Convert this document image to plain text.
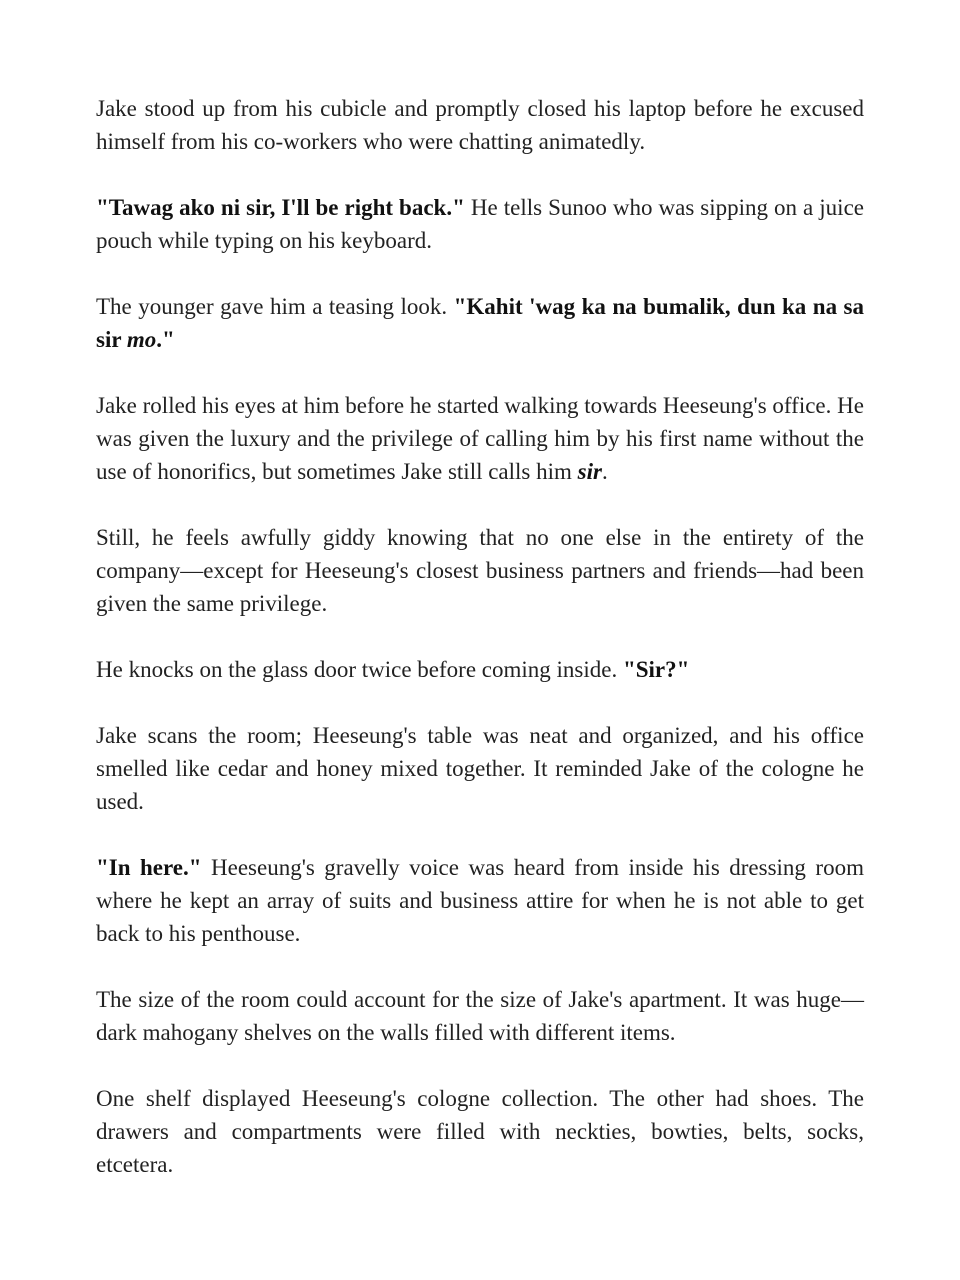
Jake stood up from his cubicle and promptly closed his laptop before he excused himself from his co-workers who were chatting animatedly.

"Tawag ako ni sir, I'll be right back." He tells Sunoo who was sipping on a juice pouch while typing on his keyboard.

The younger gave him a teasing look. "Kahit 'wag ka na bumalik, dun ka na sa sir mo."

Jake rolled his eyes at him before he started walking towards Heeseung's office. He was given the luxury and the privilege of calling him by his first name without the use of honorifics, but sometimes Jake still calls him sir.

Still, he feels awfully giddy knowing that no one else in the entirety of the company—except for Heeseung's closest business partners and friends—had been given the same privilege.

He knocks on the glass door twice before coming inside. "Sir?"

Jake scans the room; Heeseung's table was neat and organized, and his office smelled like cedar and honey mixed together. It reminded Jake of the cologne he used.

"In here." Heeseung's gravelly voice was heard from inside his dressing room where he kept an array of suits and business attire for when he is not able to get back to his penthouse.

The size of the room could account for the size of Jake's apartment. It was huge—dark mahogany shelves on the walls filled with different items.

One shelf displayed Heeseung's cologne collection. The other had shoes. The drawers and compartments were filled with neckties, bowties, belts, socks, etcetera.
